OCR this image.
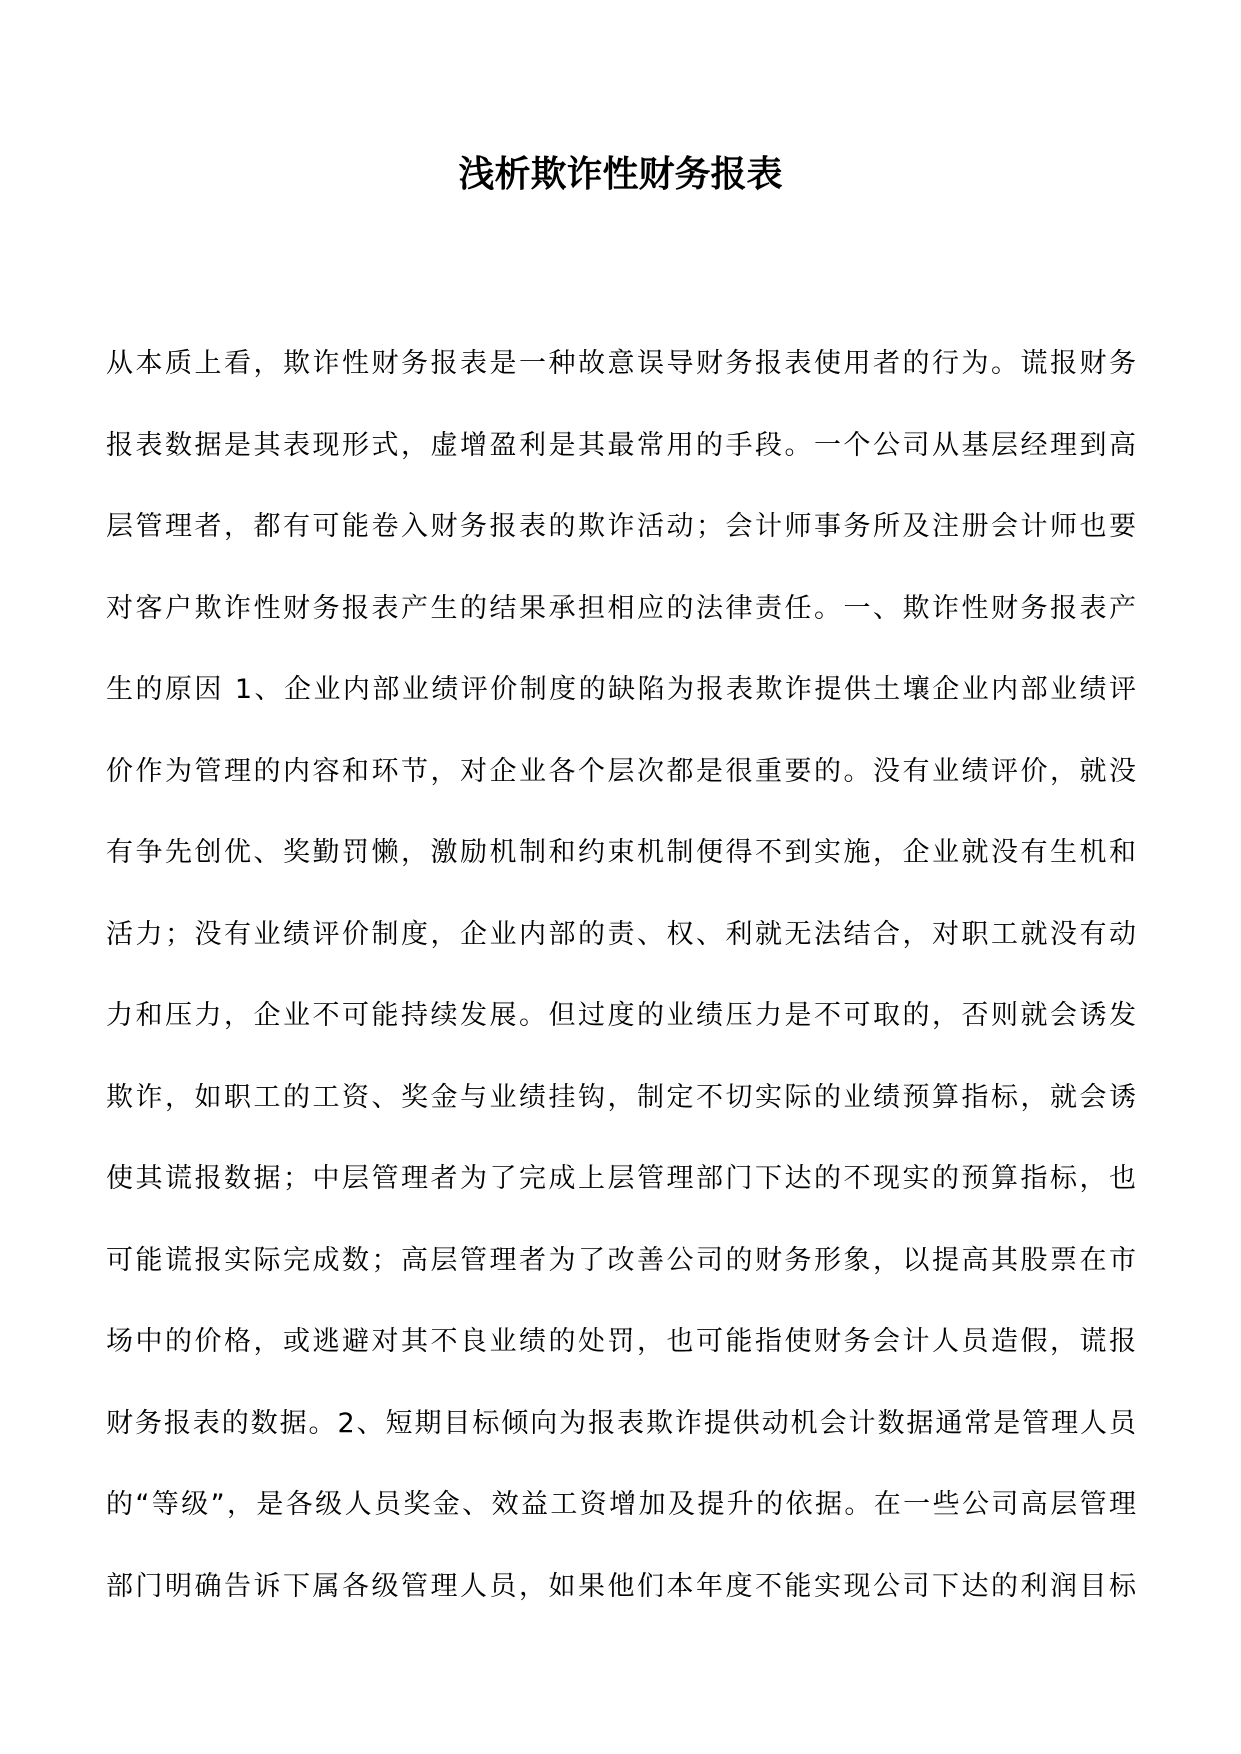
浅析欺诈性财务报表
从本质上看，欺诈性财务报表是一种故意误导财务报表使用者的行为。谎报财务
报表数据是其表现形式，虚增盈利是其最常用的手段。一个公司从基层经理到高
层管理者，都有可能卷入财务报表的欺诈活动；会计师事务所及注册会计师也要
对客户欺诈性财务报表产生的结果承担相应的法律责任。一、欺诈性财务报表产
生的原因 1、企业内部业绩评价制度的缺陷为报表欺诈提供土壤企业内部业绩评
价作为管理的内容和环节，对企业各个层次都是很重要的。没有业绩评价，就没
有争先创优、奖勤罚懒，激励机制和约束机制便得不到实施，企业就没有生机和
活力；没有业绩评价制度，企业内部的责、权、利就无法结合，对职工就没有动
力和压力，企业不可能持续发展。但过度的业绩压力是不可取的，否则就会诱发
欺诈，如职工的工资、奖金与业绩挂钩，制定不切实际的业绩预算指标，就会诱
使其谎报数据；中层管理者为了完成上层管理部门下达的不现实的预算指标，也
可能谎报实际完成数；高层管理者为了改善公司的财务形象，以提高其股票在市
场中的价格，或逃避对其不良业绩的处罚，也可能指使财务会计人员造假，谎报
财务报表的数据。2、短期目标倾向为报表欺诈提供动机会计数据通常是管理人员
的“等级”，是各级人员奖金、效益工资增加及提升的依据。在一些公司高层管理
部门明确告诉下属各级管理人员，如果他们本年度不能实现公司下达的利润目标
